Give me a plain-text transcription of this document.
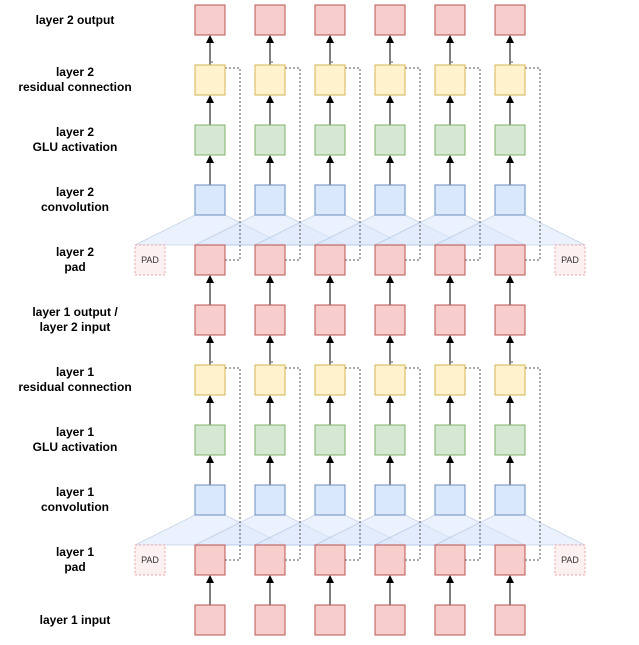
layer 2 output
layer 2
residual connection
layer 2
GLU activation
layer 2
convolution
layer 2
pad
layer 1 output /
layer 2 input
layer 1
residual connection
layer 1
GLU activation
layer 1
convolution
layer 1
pad
layer 1 input
PAD	PAD
PAD	PAD
